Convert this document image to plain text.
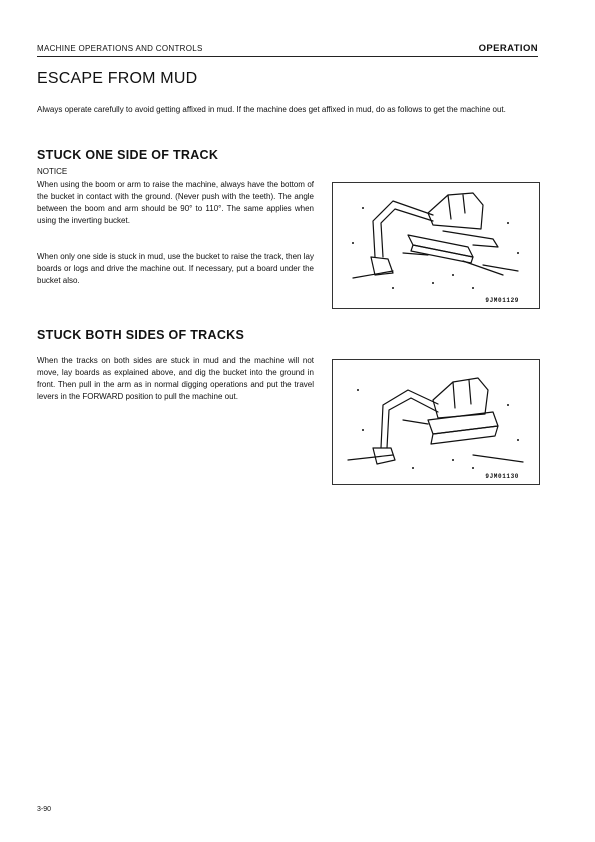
MACHINE OPERATIONS AND CONTROLS	OPERATION
ESCAPE FROM MUD
Always operate carefully to avoid getting affixed in mud. If the machine does get affixed in mud, do as follows to get the machine out.
STUCK ONE SIDE OF TRACK
NOTICE
When using the boom or arm to raise the machine, always have the bottom of the bucket in contact with the ground. (Never push with the teeth). The angle between the boom and arm should be 90° to 110°. The same applies when using the inverting bucket.
When only one side is stuck in mud, use the bucket to raise the track, then lay boards or logs and drive the machine out. If necessary, put a board under the bucket also.
9JM01129
STUCK BOTH SIDES OF TRACKS
When the tracks on both sides are stuck in mud and the machine will not move, lay boards as explained above, and dig the bucket into the ground in front. Then pull in the arm as in normal digging operations and put the travel levers in the FORWARD position to pull the machine out.
9JM01130
3-90
